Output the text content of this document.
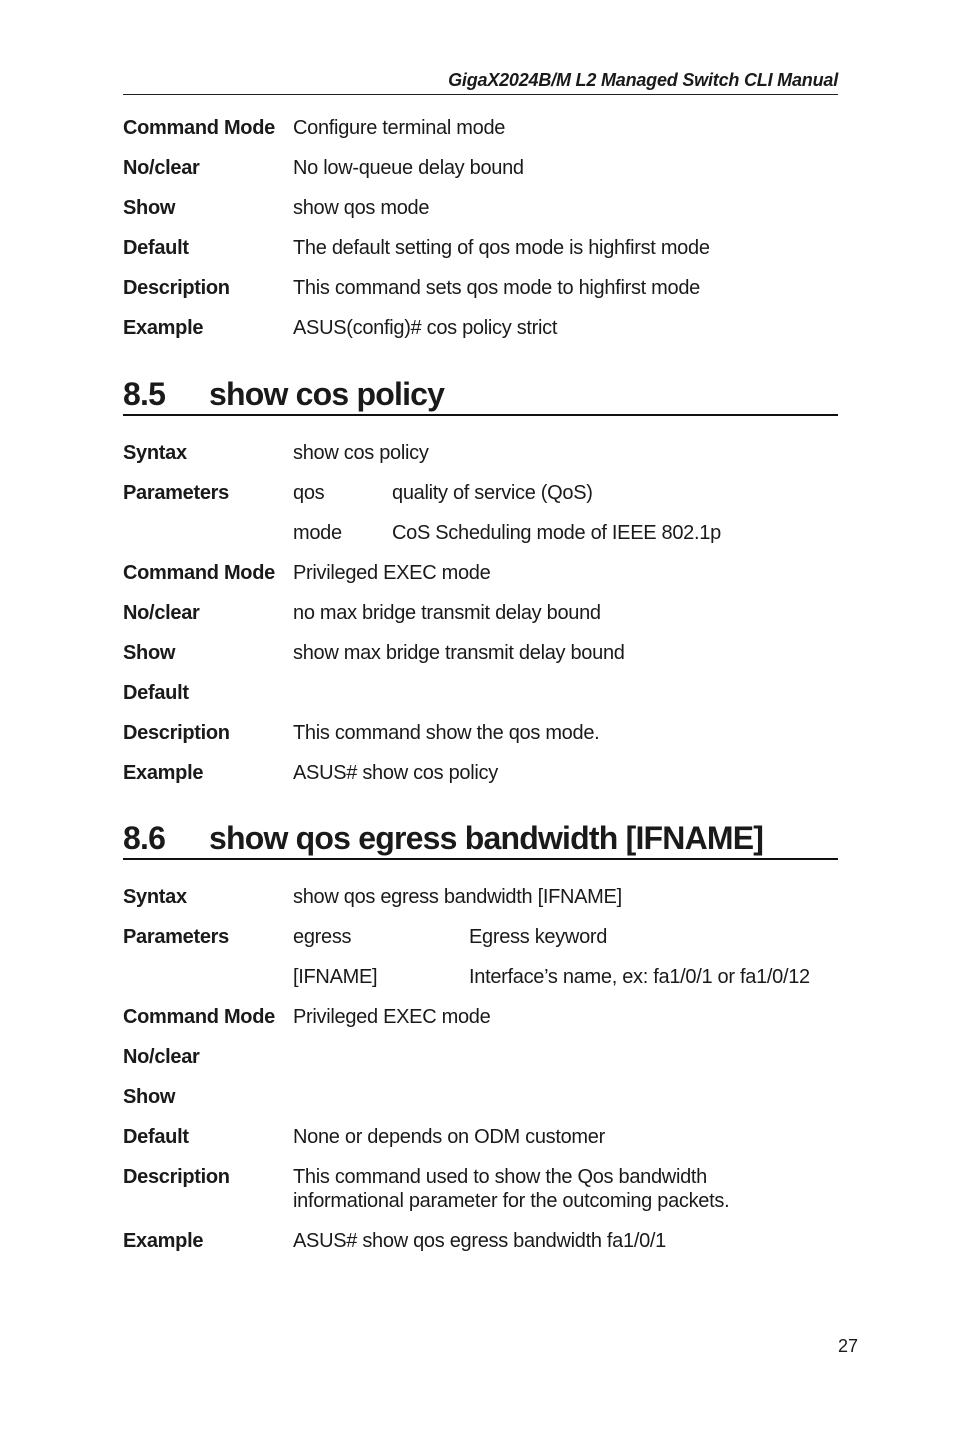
GigaX2024B/M L2 Managed Switch CLI Manual
Command Mode Configure terminal mode
No/clear	No low-queue delay bound
Show	show qos mode
Default	The default setting of qos mode is highfirst mode
Description	This command sets qos mode to highfirst mode
Example	ASUS(config)# cos policy strict
8.5 show cos policy
Syntax	show cos policy
Parameters	qos	quality of service (QoS)
mode	CoS Scheduling mode of IEEE 802.1p
Command Mode Privileged EXEC mode
No/clear	no max bridge transmit delay bound
Show	show max bridge transmit delay bound
Default
Description	This command show the qos mode.
Example	ASUS# show cos policy
8.6 show qos egress bandwidth [IFNAME]
Syntax	show qos egress bandwidth [IFNAME]
Parameters	egress	Egress keyword
[IFNAME]	Interface’s name, ex: fa1/0/1 or fa1/0/12
Command Mode Privileged EXEC mode
No/clear
Show
Default	None or depends on ODM customer
Description	This command used to show the Qos bandwidth informational parameter for the outcoming packets.
Example	ASUS# show qos egress bandwidth fa1/0/1
27
